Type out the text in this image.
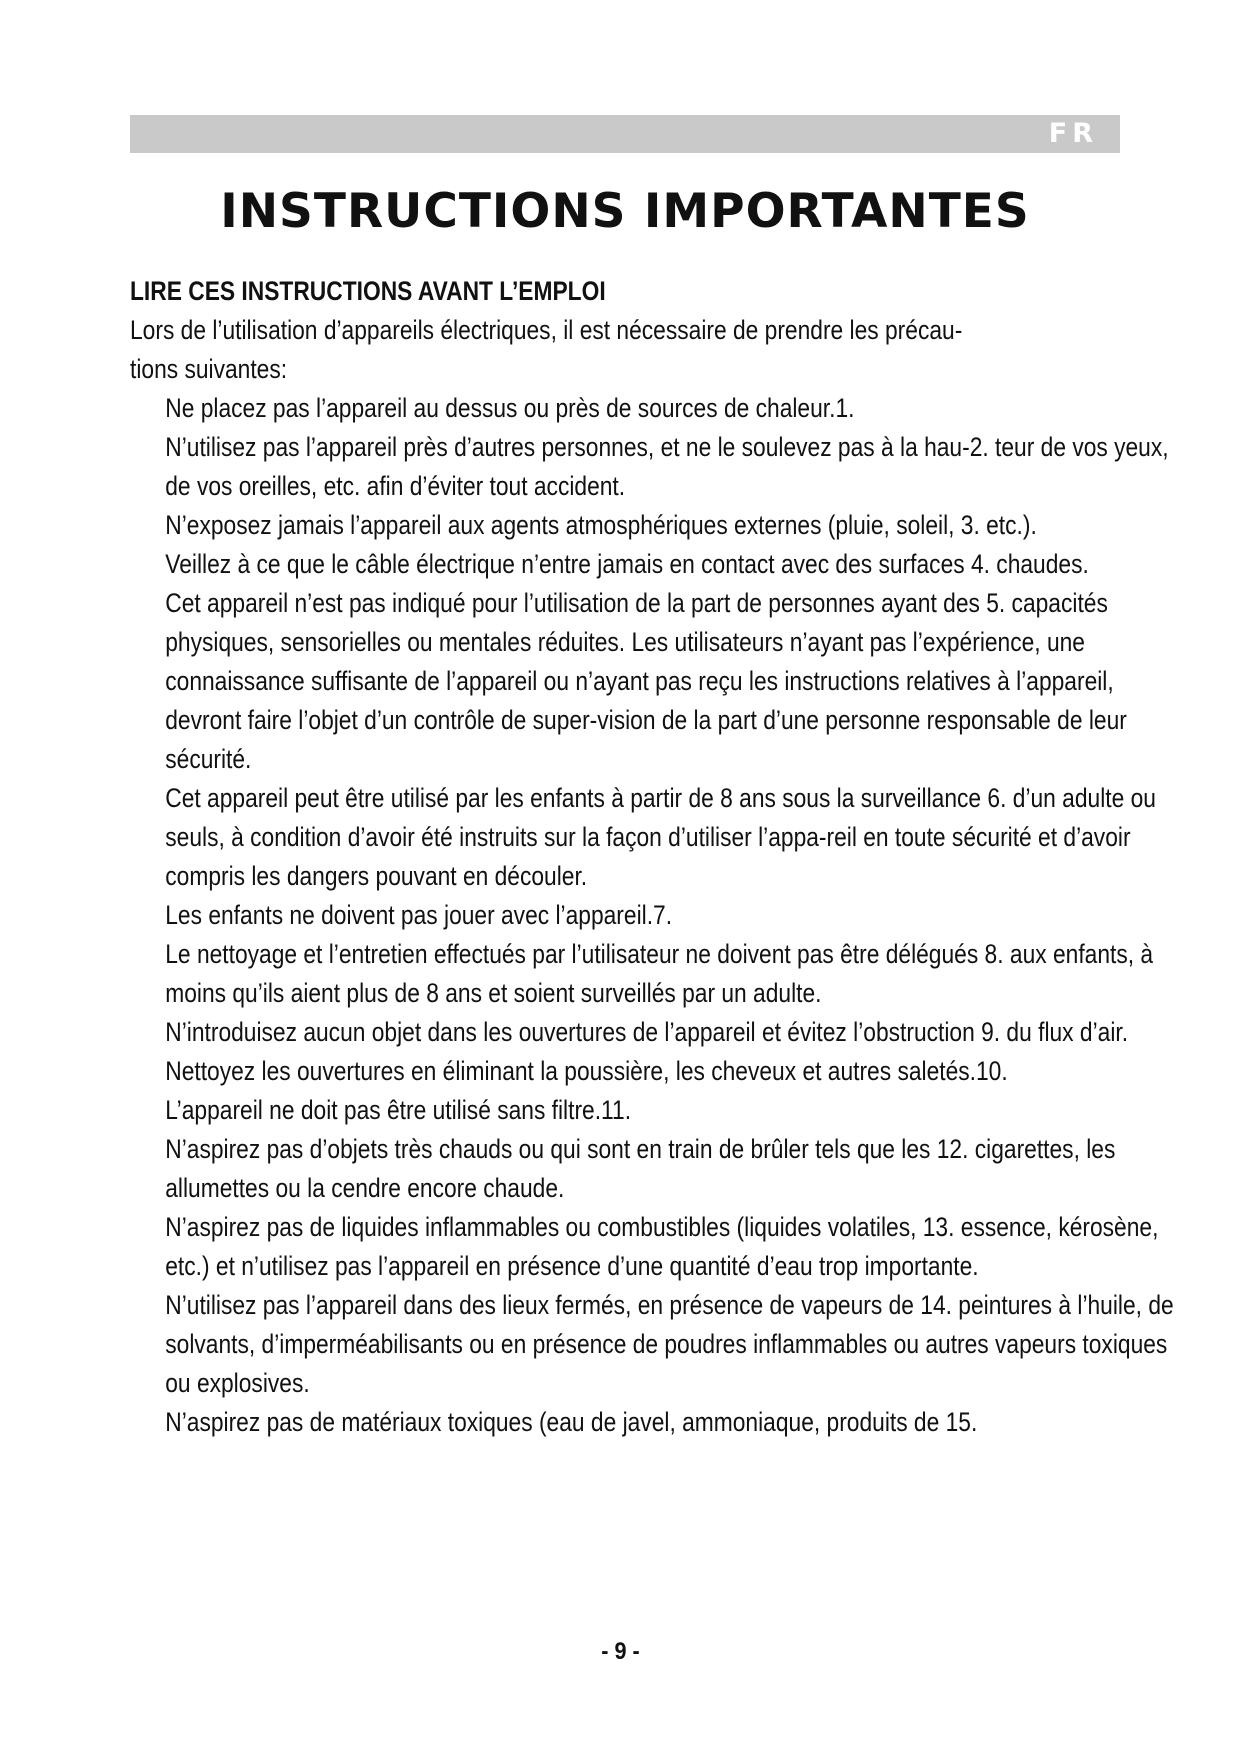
FR
INSTRUCTIONS IMPORTANTES

LIRE CES INSTRUCTIONS AVANT L’EMPLOI

Lors de l’utilisation d’appareils électriques, il est nécessaire de prendre les précau-tions suivantes:

Ne placez pas l’appareil au dessus ou près de sources de chaleur.1.
N’utilisez pas l’appareil près d’autres personnes, et ne le soulevez pas à la hau-2. teur de vos yeux, de vos oreilles, etc. afin d’éviter tout accident.
N’exposez jamais l’appareil aux agents atmosphériques externes (pluie, soleil, 3. etc.).
Veillez à ce que le câble électrique n’entre jamais en contact avec des surfaces 4. chaudes.
Cet appareil n’est pas indiqué pour l’utilisation de la part de personnes ayant des 5. capacités physiques, sensorielles ou mentales réduites. Les utilisateurs n’ayant pas l’expérience, une connaissance suffisante de l’appareil ou n’ayant pas reçu les instructions relatives à l’appareil, devront faire l’objet d’un contrôle de super-vision de la part d’une personne responsable de leur sécurité.
Cet appareil peut être utilisé par les enfants à partir de 8 ans sous la surveillance 6. d’un adulte ou seuls, à condition d’avoir été instruits sur la façon d’utiliser l’appa-reil en toute sécurité et d’avoir compris les dangers pouvant en découler.
Les enfants ne doivent pas jouer avec l’appareil.7.
Le nettoyage et l’entretien effectués par l’utilisateur ne doivent pas être délégués 8. aux enfants, à moins qu’ils aient plus de 8 ans et soient surveillés par un adulte.
N’introduisez aucun objet dans les ouvertures de l’appareil et évitez l’obstruction 9. du flux d’air.
Nettoyez les ouvertures en éliminant la poussière, les cheveux et autres saletés.10.
L’appareil ne doit pas être utilisé sans filtre.11.
N’aspirez pas d’objets très chauds ou qui sont en train de brûler tels que les 12. cigarettes, les allumettes ou la cendre encore chaude.
N’aspirez pas de liquides inflammables ou combustibles (liquides volatiles, 13. essence, kérosène, etc.) et n’utilisez pas l’appareil en présence d’une quantité d’eau trop importante.
N’utilisez pas l’appareil dans des lieux fermés, en présence de vapeurs de 14. peintures à l’huile, de solvants, d’imperméabilisants ou en présence de poudres inflammables ou autres vapeurs toxiques ou explosives.
N’aspirez pas de matériaux toxiques (eau de javel, ammoniaque, produits de 15.
- 9 -
